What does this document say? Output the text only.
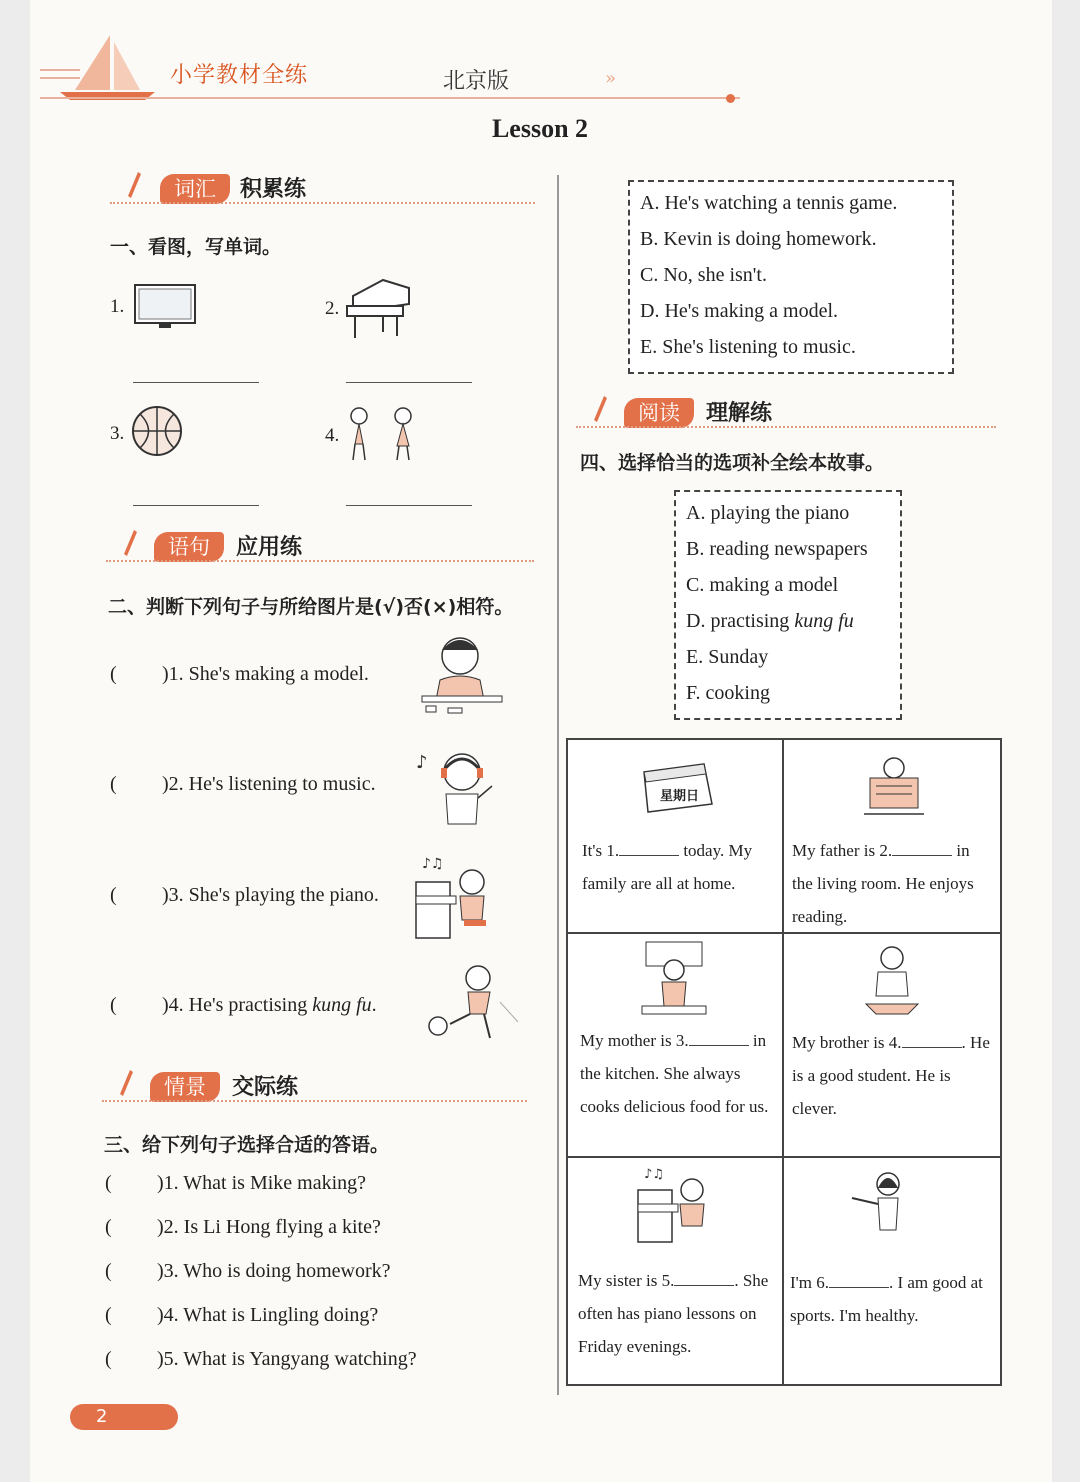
小学教材全练	北京版	»
Lesson 2
词汇	积累练
一、看图，写单词。
1.	2.
3.	4.
语句	应用练
二、判断下列句子与所给图片是(√)否(×)相符。
( )1. She's making a model.
( )2. He's listening to music.
♪
( )3. She's playing the piano.
♪♫
( )4. He's practising kung fu.
情景	交际练
三、给下列句子选择合适的答语。
( )1. What is Mike making?
( )2. Is Li Hong flying a kite?
( )3. Who is doing homework?
( )4. What is Lingling doing?
( )5. What is Yangyang watching?
A. He's watching a tennis game.
B. Kevin is doing homework.
C. No, she isn't.
D. He's making a model.
E. She's listening to music.
阅读	理解练
四、选择恰当的选项补全绘本故事。
A. playing the piano
B. reading newspapers
C. making a model
D. practising kung fu
E. Sunday
F. cooking
星期日
It's 1.	today. My family are all at home.
My father is 2.	in the living room. He enjoys reading.
My mother is 3.	in the kitchen. She always cooks delicious food for us.
My brother is 4.	. He is a good student. He is clever.
♪♫
My sister is 5.	. She often has piano lessons on Friday evenings.
I'm 6.	. I am good at sports. I'm healthy.
2
